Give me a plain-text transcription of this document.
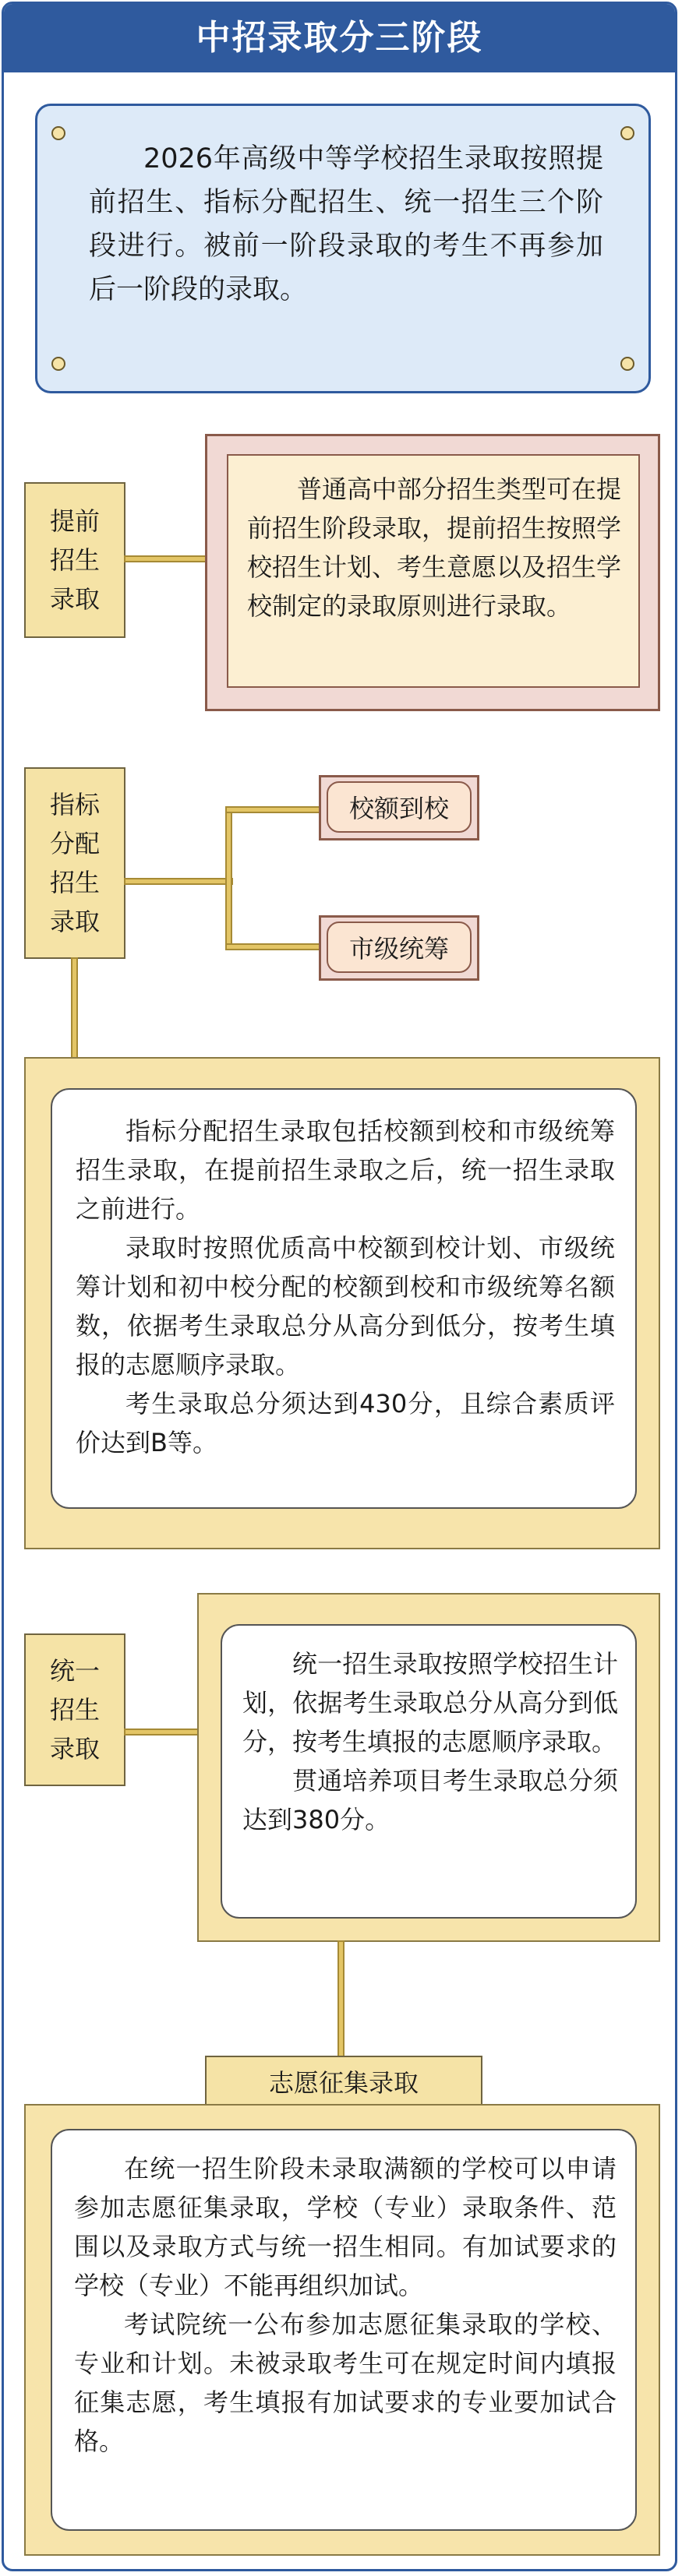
中招录取分三阶段

2026年高级中等学校招生录取按照提前招生、指标分配招生、统一招生三个阶段进行。被前一阶段录取的考生不再参加后一阶段的录取。

提前
招生
录取

普通高中部分招生类型可在提前招生阶段录取，提前招生按照学校招生计划、考生意愿以及招生学校制定的录取原则进行录取。

指标
分配
招生
录取
校额到校
市级统筹

指标分配招生录取包括校额到校和市级统筹招生录取，在提前招生录取之后，统一招生录取之前进行。

录取时按照优质高中校额到校计划、市级统筹计划和初中校分配的校额到校和市级统筹名额数，依据考生录取总分从高分到低分，按考生填报的志愿顺序录取。

考生录取总分须达到430分，且综合素质评价达到B等。

统一
招生
录取

统一招生录取按照学校招生计划，依据考生录取总分从高分到低分，按考生填报的志愿顺序录取。

贯通培养项目考生录取总分须达到380分。

志愿征集录取

在统一招生阶段未录取满额的学校可以申请参加志愿征集录取，学校（专业）录取条件、范围以及录取方式与统一招生相同。有加试要求的学校（专业）不能再组织加试。

考试院统一公布参加志愿征集录取的学校、专业和计划。未被录取考生可在规定时间内填报征集志愿，考生填报有加试要求的专业要加试合格。
